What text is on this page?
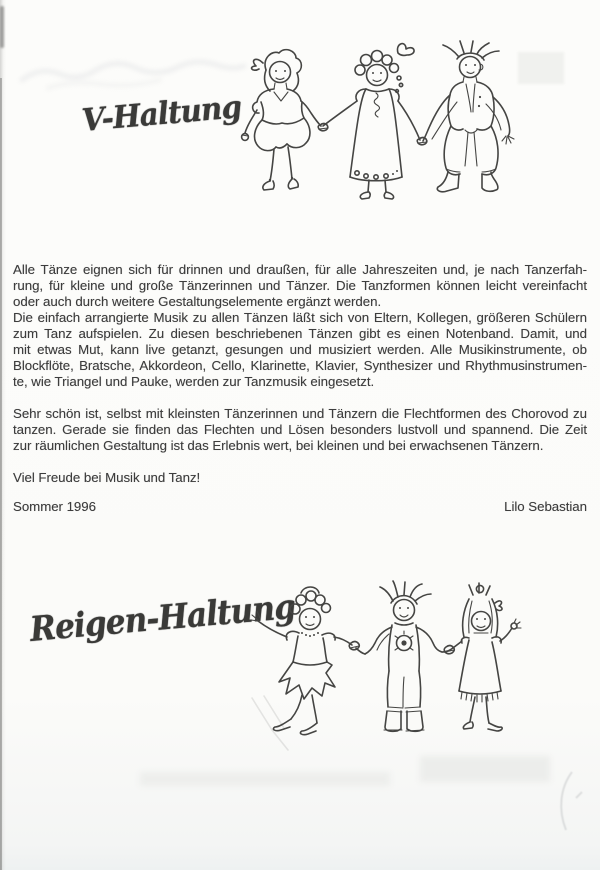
V-Haltung
Alle Tänze eignen sich für drinnen und draußen, für alle Jahreszeiten und, je nach Tanzerfah-
rung, für kleine und große Tänzerinnen und Tänzer. Die Tanzformen können leicht vereinfacht
oder auch durch weitere Gestaltungselemente ergänzt werden.
Die einfach arrangierte Musik zu allen Tänzen läßt sich von Eltern, Kollegen, größeren Schülern
zum Tanz aufspielen. Zu diesen beschriebenen Tänzen gibt es einen Notenband. Damit, und
mit etwas Mut, kann live getanzt, gesungen und musiziert werden. Alle Musikinstrumente, ob
Blockflöte, Bratsche, Akkordeon, Cello, Klarinette, Klavier, Synthesizer und Rhythmusinstrumen-
te, wie Triangel und Pauke, werden zur Tanzmusik eingesetzt.
Sehr schön ist, selbst mit kleinsten Tänzerinnen und Tänzern die Flechtformen des Chorovod zu
tanzen. Gerade sie finden das Flechten und Lösen besonders lustvoll und spannend. Die Zeit
zur räumlichen Gestaltung ist das Erlebnis wert, bei kleinen und bei erwachsenen Tänzern.
Viel Freude bei Musik und Tanz!
Sommer 1996	Lilo Sebastian
Reigen-Haltung
